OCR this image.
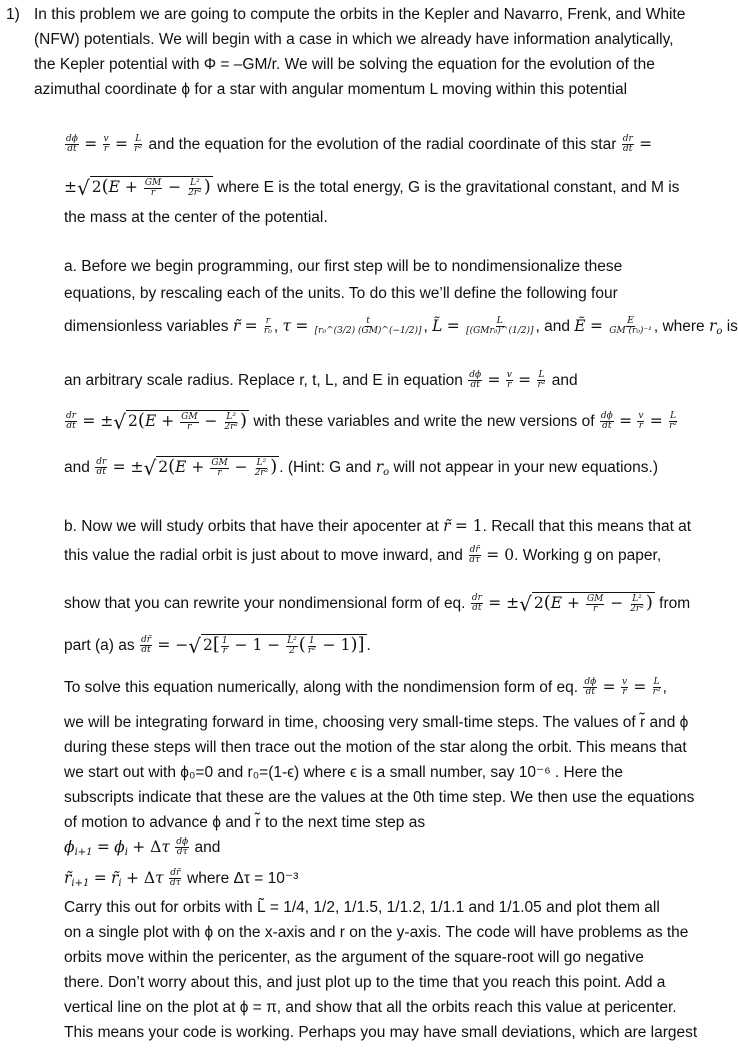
1) In this problem we are going to compute the orbits in the Kepler and Navarro, Frenk, and White
(NFW) potentials. We will begin with a case in which we already have information analytically,
the Kepler potential with Φ = –GM/r. We will be solving the equation for the evolution of the
azimuthal coordinate ϕ for a star with angular momentum L moving within this potential
$\frac{d\phi}{dt} = \frac{v}{r} = \frac{L}{\text{r²}}$ and the equation for the evolution of the radial coordinate of this star $\frac{dr}{dt}$ =
±√ $2(E + \frac{GM}{r} - \frac{\text{L²}}{\text{2r²}}$ ) where E is the total energy, G is the gravitational constant, and M is
the mass at the center of the potential.
a. Before we begin programming, our first step will be to nondimensionalize these
equations, by rescaling each of the units. To do this we’ll define the following four
dimensionless variables r̃ = $\frac{r}{\text{r₀}}$ , $\tau = \frac{t}{\text{[r₀\textasciicircum{}(3/2) (GM)\textasciicircum{}(−1/2)]}}$ , L̃ = $\frac{L}{\text{[(GMr₀)\textasciicircum{}(1/2)]}}$ , and Ẽ = $\frac{E}{\text{GM (r₀)⁻¹}}$ , where $r_o$ is
an arbitrary scale radius. Replace r, t, L, and E in equation $\frac{d\phi}{dt} = \frac{v}{r} = \frac{L}{\text{r²}}$ and
$\frac{dr}{dt}$ = ±√ $2(E + \frac{GM}{r} - \frac{\text{L²}}{\text{2r²}}$ ) with these variables and write the new versions of $\frac{d\phi}{dt} = \frac{v}{r} = \frac{L}{\text{r²}}$
and $\frac{dr}{dt}$ = ±√ $2(E + \frac{GM}{r} - \frac{\text{L²}}{\text{2r²}}$ ) . (Hint: G and $r_o$ will not appear in your new equations.)
b. Now we will study orbits that have their apocenter at r̃ = 1. Recall that this means that at
this value the radial orbit is just about to move inward, and $\frac{dr̃}{d\tau} = 0$. Working g on paper,
show that you can rewrite your nondimensional form of eq. $\frac{dr}{dt}$ = ±√ $2(E + \frac{GM}{r} - \frac{\text{L²}}{\text{2r²}}$ ) from
part (a) as $\frac{dr̃}{dt}$ = −√ $2[ \frac{1}{r̃} - 1 - \frac{\text{L̃²}}{2}$ ( $\frac{1}{\text{r̃²}} - 1$)] .
To solve this equation numerically, along with the nondimension form of eq. $\frac{d\phi}{dt} = \frac{v}{r} = \frac{L}{\text{r²}}$ ,
we will be integrating forward in time, choosing very small-time steps. The values of r̃ and ϕ
during these steps will then trace out the motion of the star along the orbit. This means that
we start out with ϕ₀=0 and r₀=(1-ϵ) where ϵ is a small number, say 10⁻⁶ . Here the
subscripts indicate that these are the values at the 0th time step. We then use the equations
of motion to advance ϕ and r̃ to the next time step as
$\phi_{i+1} = \phi_i + \Delta\tau \frac{d\phi}{d\tau}$ and
$r̃_{i+1}$ = $r̃_i + \Delta\tau \frac{dr̃}{d\tau}$ where Δτ = 10⁻³
Carry this out for orbits with L̃ = 1/4, 1/2, 1/1.5, 1/1.2, 1/1.1 and 1/1.05 and plot them all
on a single plot with ϕ on the x-axis and r on the y-axis. The code will have problems as the
orbits move within the pericenter, as the argument of the square-root will go negative
there. Don’t worry about this, and just plot up to the time that you reach this point. Add a
vertical line on the plot at ϕ = π, and show that all the orbits reach this value at pericenter.
This means your code is working. Perhaps you may have small deviations, which are largest
